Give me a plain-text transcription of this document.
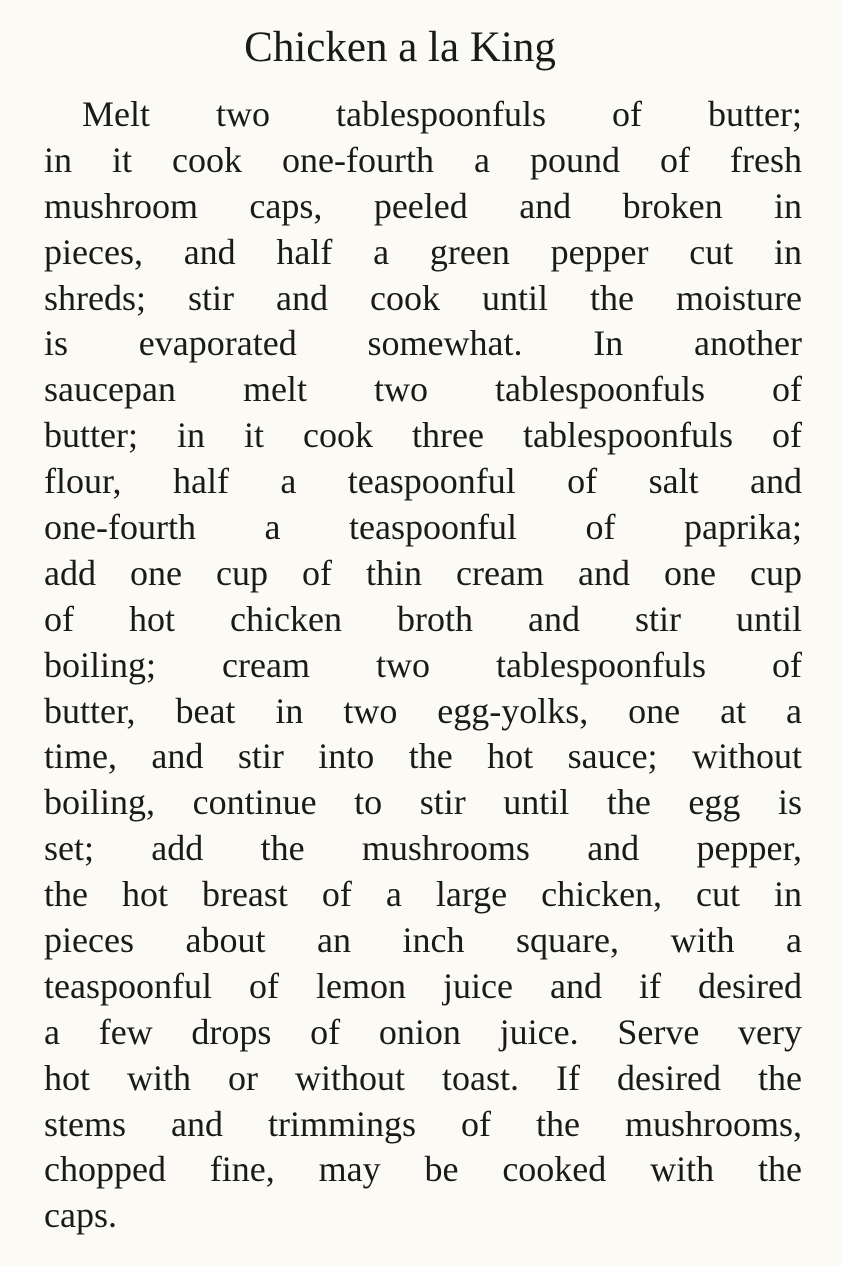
Chicken a la King
Melt two tablespoonfuls of butter;
in it cook one-fourth a pound of fresh
mushroom caps, peeled and broken in
pieces, and half a green pepper cut in
shreds; stir and cook until the moisture
is evaporated somewhat. In another
saucepan melt two tablespoonfuls of
butter; in it cook three tablespoonfuls of
flour, half a teaspoonful of salt and
one-fourth a teaspoonful of paprika;
add one cup of thin cream and one cup
of hot chicken broth and stir until
boiling; cream two tablespoonfuls of
butter, beat in two egg-yolks, one at a
time, and stir into the hot sauce; without
boiling, continue to stir until the egg is
set; add the mushrooms and pepper,
the hot breast of a large chicken, cut in
pieces about an inch square, with a
teaspoonful of lemon juice and if desired
a few drops of onion juice. Serve very
hot with or without toast. If desired the
stems and trimmings of the mushrooms,
chopped fine, may be cooked with the
caps.
